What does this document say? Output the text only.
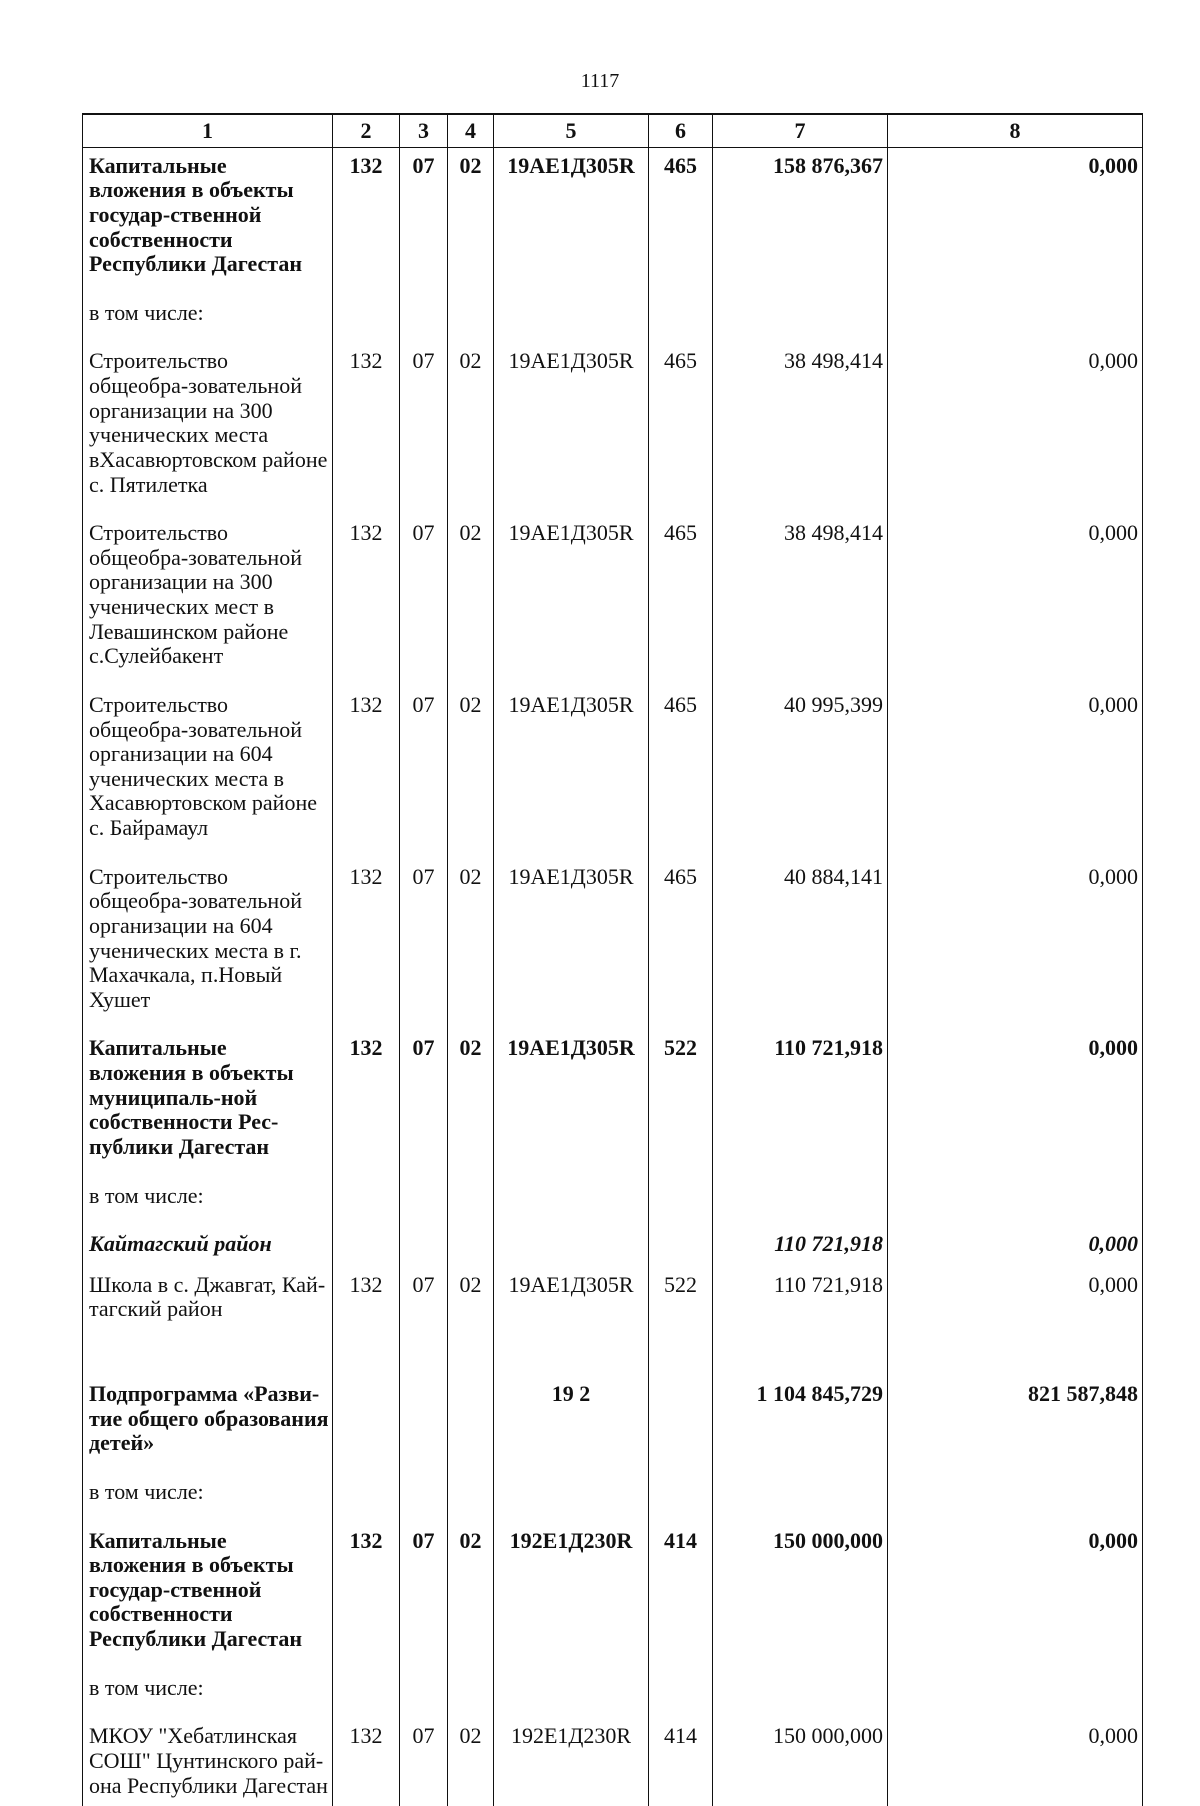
1117
1	2	3	4	5	6	7	8
Капитальные вложения в объекты государ-ственной собственности Республики Дагестан	132	07	02	19АЕ1Д305R	465	158 876,367	0,000
в том числе:							
Строительство общеобра-зовательной организации на 300 ученических места вХасавюртовском районе с. Пятилетка	132	07	02	19АЕ1Д305R	465	38 498,414	0,000
Строительство общеобра-зовательной организации на 300 ученических мест в Левашинском районе с.Сулейбакент	132	07	02	19АЕ1Д305R	465	38 498,414	0,000
Строительство общеобра-зовательной организации на 604 ученических места в Хасавюртовском районе с. Байрамаул	132	07	02	19АЕ1Д305R	465	40 995,399	0,000
Строительство общеобра-зовательной организации на 604 ученических места в г. Махачкала, п.Новый Хушет	132	07	02	19АЕ1Д305R	465	40 884,141	0,000
Капитальные вложения в объекты муниципаль-ной собственности Рес-публики Дагестан	132	07	02	19АЕ1Д305R	522	110 721,918	0,000
в том числе:							
Кайтагский район						110 721,918	0,000
Школа в с. Джавгат, Кай-тагский район	132	07	02	19АЕ1Д305R	522	110 721,918	0,000
Подпрограмма «Разви-тие общего образования детей»				19 2		1 104 845,729	821 587,848
в том числе:							
Капитальные вложения в объекты государ-ственной собственности Республики Дагестан	132	07	02	192Е1Д230R	414	150 000,000	0,000
в том числе:							
МКОУ "Хебатлинская СОШ" Цунтинского рай-она Республики Дагестан	132	07	02	192Е1Д230R	414	150 000,000	0,000
